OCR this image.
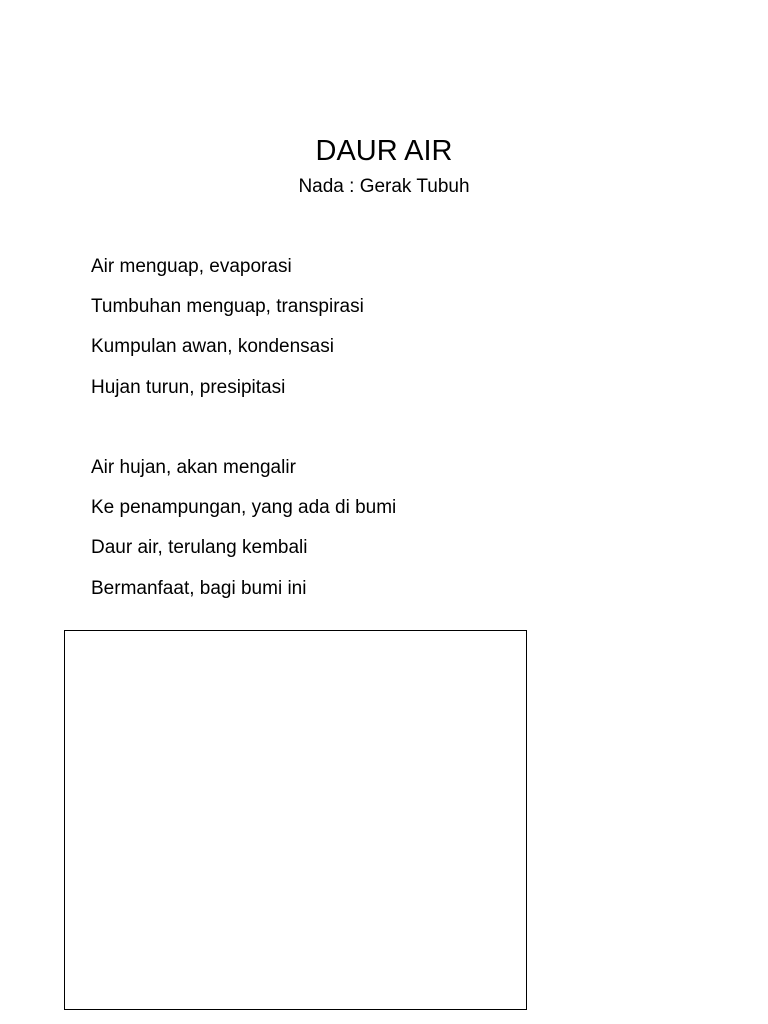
DAUR AIR

Nada : Gerak Tubuh

Air menguap, evaporasi
Tumbuhan menguap, transpirasi
Kumpulan awan, kondensasi
Hujan turun, presipitasi
Air hujan, akan mengalir
Ke penampungan, yang ada di bumi
Daur air, terulang kembali
Bermanfaat, bagi bumi ini
